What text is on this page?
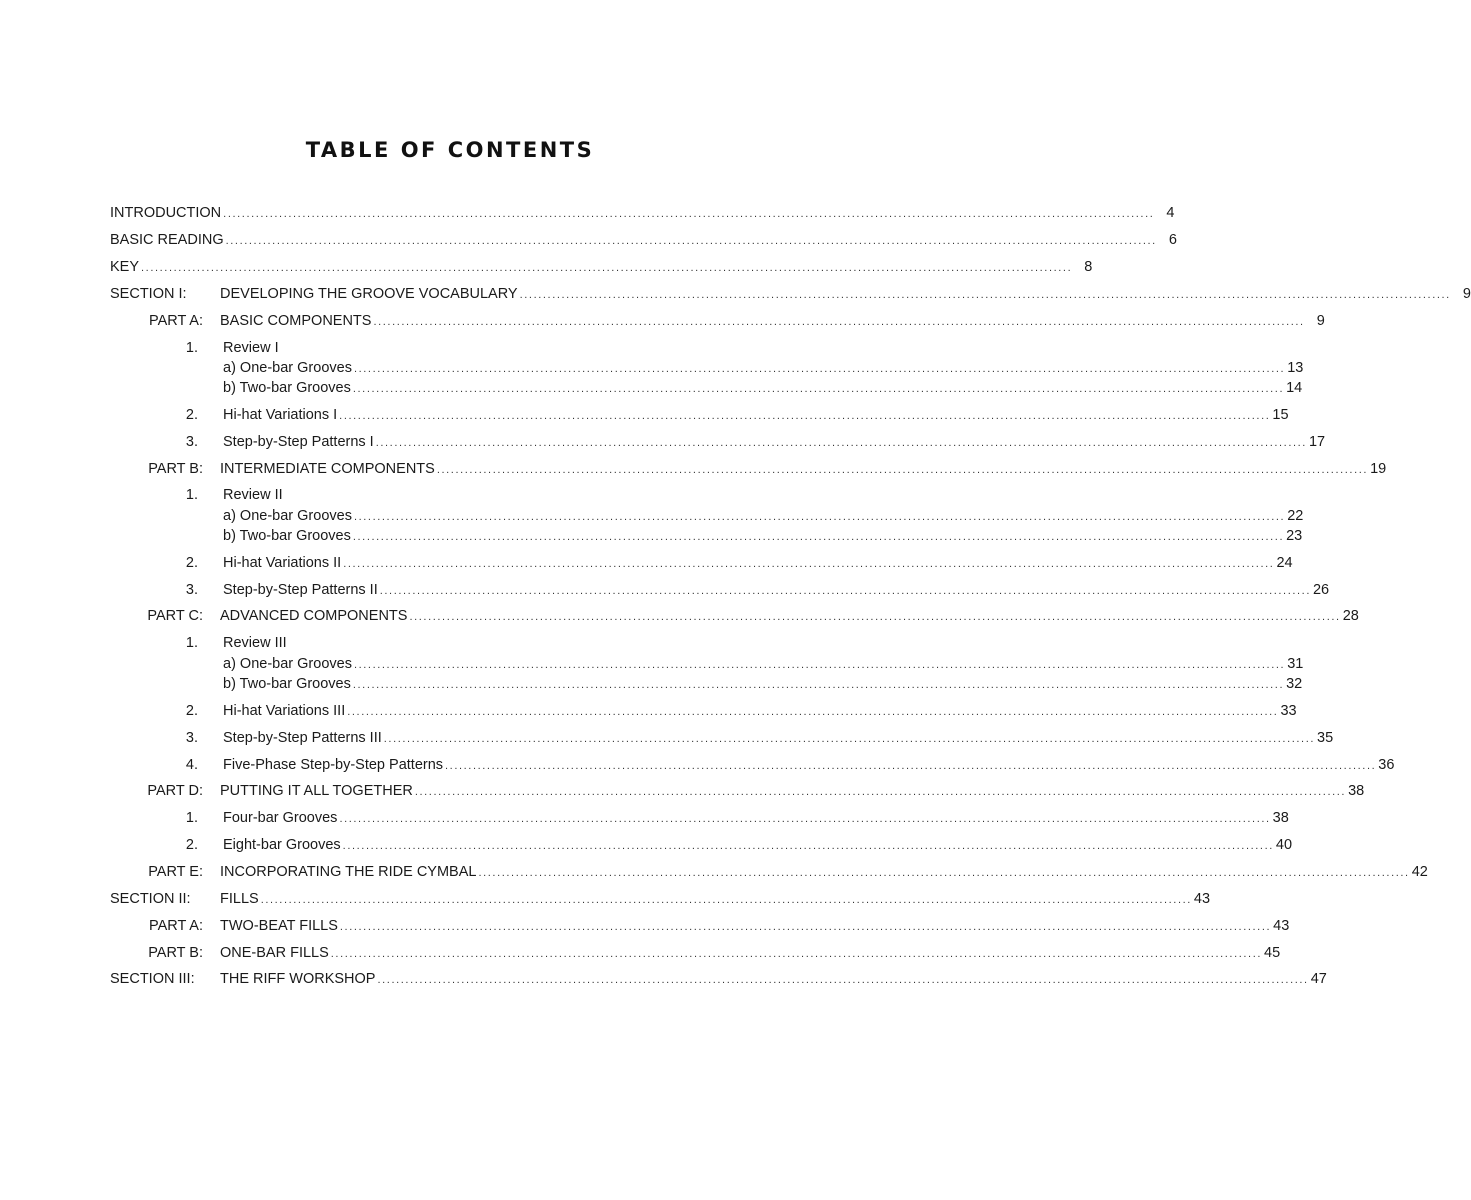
TABLE OF CONTENTS
INTRODUCTION ........................................................................................................................................................................................................ 4
BASIC READING ........................................................................................................................................................................................................ 6
KEY ........................................................................................................................................................................................................ 8
SECTION I: DEVELOPING THE GROOVE VOCABULARY ........................................................................................................................................................................................................ 9
PART A: BASIC COMPONENTS ........................................................................................................................................................................................................ 9
1. Review I
a) One-bar Grooves ........................................................................................................................................................................................................ 13
b) Two-bar Grooves ........................................................................................................................................................................................................ 14
2. Hi-hat Variations I ........................................................................................................................................................................................................ 15
3. Step-by-Step Patterns I ........................................................................................................................................................................................................ 17
PART B: INTERMEDIATE COMPONENTS ........................................................................................................................................................................................................ 19
1. Review II
a) One-bar Grooves ........................................................................................................................................................................................................ 22
b) Two-bar Grooves ........................................................................................................................................................................................................ 23
2. Hi-hat Variations II ........................................................................................................................................................................................................ 24
3. Step-by-Step Patterns II ........................................................................................................................................................................................................ 26
PART C: ADVANCED COMPONENTS ........................................................................................................................................................................................................ 28
1. Review III
a) One-bar Grooves ........................................................................................................................................................................................................ 31
b) Two-bar Grooves ........................................................................................................................................................................................................ 32
2. Hi-hat Variations III ........................................................................................................................................................................................................ 33
3. Step-by-Step Patterns III ........................................................................................................................................................................................................ 35
4. Five-Phase Step-by-Step Patterns ........................................................................................................................................................................................................ 36
PART D: PUTTING IT ALL TOGETHER ........................................................................................................................................................................................................ 38
1. Four-bar Grooves ........................................................................................................................................................................................................ 38
2. Eight-bar Grooves ........................................................................................................................................................................................................ 40
PART E: INCORPORATING THE RIDE CYMBAL ........................................................................................................................................................................................................ 42
SECTION II: FILLS ........................................................................................................................................................................................................ 43
PART A: TWO-BEAT FILLS ........................................................................................................................................................................................................ 43
PART B: ONE-BAR FILLS ........................................................................................................................................................................................................ 45
SECTION III: THE RIFF WORKSHOP ........................................................................................................................................................................................................ 47
